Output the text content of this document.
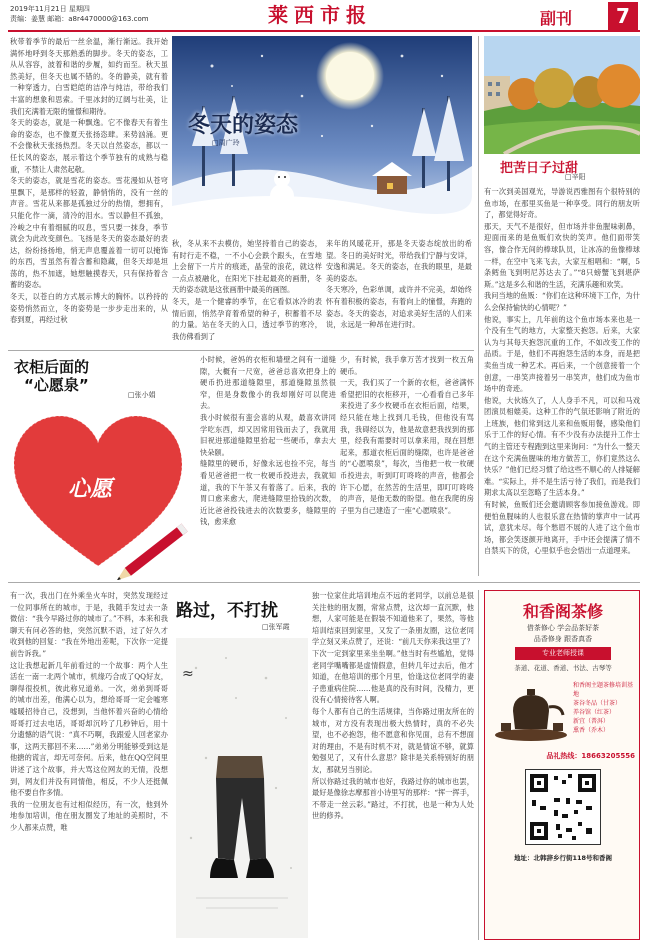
2019年11月21日 星期四
责编：姜慧 邮箱：a8r4470000@163.com	莱西市报	副刊	7
秋带着季节的最后一丝余温，渐行渐远。我开始满怀地呼到冬天那熟悉的脚步。冬天的姿态，工从从容容，波着和谐的步履，如约而至。秋天虽然美好，但冬天也属不错的。冬的静美，就有着一种穿透力，白雪皑皑的洁净与纯洁，带给我们丰富的想象和思索。千里冰封的辽阔与壮美，让我们充满着无限的憧憬和期待。
冬天的姿态，就是一种飘逸。它不像春天有着生命的姿态，也不像夏天张扬恣肆。来势汹涌。更不会像秋天张扬热烈。冬天以自然姿态，都以一任长风的姿态，展示着这个季节独有的成熟与稳重，不禁让人肃然起敬。
冬天的姿态，就是雪花的姿态。雪花漫如从苍穹里飘下，是那样的轻盈，静悄悄的，没有一丝的声音。雪花从来都是孤独过分的热情，想拥有，只能化作一滴，清冷的泪水。雪以静但不孤独，冷峻之中有着细腻的叹息，雪只要一抹身，季节就会为此改变颜色。飞扬是冬天的姿态最好的表达，纷纷扬扬地，悄无声息覆盖着一切可以掩饰的东西，雪虽然有着含蓄和隐藏，但冬天却是坦荡的，热不加遮，她想触摸春天，只有保持着含蓄的姿态。
冬天，以苍白的方式展示博大的胸怀。以矜持的姿势悄然而立，冬的姿势是一步步走出来的，从春到夏，再经过秋
冬天的姿态
□周广玲
秋，冬从来不去模仿，她坚持着自己的姿态，有时行走不稳，一不小心会跌个跟头，在雪地上会留下一片片的痕迹，晶莹的浪花，就这样一点点被融化，在阳光下挂起最亮的画册，冬天的姿态就是这张画册中最美的画图。
冬天，是一个健睿的季节，在它看似冰冷的表情后面，悄然孕育着希望的种子，积蓄着不尽的力量。站在冬天的入口，透过季节的寒冷，我仿佛看到了
来年的风暖花开，那是冬天姿态绽放出的希望。冬日的美好时光，带给我们宁静与安详，安逸和满足。冬天的姿态，在我的眼里，是最美的姿态。
冬天寒冷，色彩单调，或许并不完美，却始终怀有着积极的姿态，有着向上的憧憬，奔跑的姿态。冬天的姿态，对追求美好生活的人们来说，永远是一种昂在进行时。
把苦日子过甜
□辛阳
有一次到美国观光，导游说西雅图有个很特别的鱼市场，在那里买鱼是一种享受。同行的朋友听了，都觉得好奇。
那天，天气不是很好，但市场并非鱼腥味刺鼻，迎面而来的是鱼贩们欢快的笑声。他们面带笑容，像合作无间的棒球队员，让冰冻的鱼像棒球一样，在空中飞来飞去，大家互相唱和：“啊，5条鳕鱼飞到明尼苏达去了。”“8只螃蟹飞到堪萨斯。”这是多么和谐的生活，充满乐趣和欢笑。
我问当地的鱼贩：“你们在这种环境下工作，为什么会保持愉快的心情呢？”
他说，事实上，几年前的这个鱼市场本来也是一个没有生气的地方，大家整天抱怨。后来，大家认为与其每天抱怨沉重的工作，不如改变工作的品质。于是，他们不再抱怨生活的本身，而是把卖鱼当成一种艺术。再后来，一个创意接着一个创意，一串笑声接着另一串笑声，他们成为鱼市场中的奇迹。
他说，大伙练久了，人人身手不凡，可以和马戏团演员相媲美。这种工作的气氛还影响了附近的上班族，他们常到这儿来和鱼贩用餐，感染他们乐于工作的好心情。有不少没有办法提升工作士气的主管还专程跑到这里来询问：“为什么一整天在这个充满鱼腥味的地方做苦工，你们竟然这么快乐？”他们已经习惯了给这些不顺心的人排疑解难。“实际上，并不是生活亏待了我们，而是我们期求太高以至忽略了生活本身。”
有时候，鱼贩们还会邀请顾客参加接鱼游戏。即便怕鱼腥味的人也很乐意在热情的掌声中一试再试，意犹未尽。每个愁眉不展的人进了这个鱼市场，都会笑逐颜开地离开，手中还会提满了情不自禁买下的货，心里似乎也会悟出一点道理来。
衣柜后面的
“心愿泉”
□张小娟
心愿
小时候，爸妈的衣柜和墙壁之间有一道缝隙，大概有一尺宽，爸爸总喜欢把身上的硬币扔进那道缝隙里，那道缝隙虽然很窄，但是身数像小的我却刚好可以爬进去。
我小时候很有蛮会喜的从观，最喜欢讲同学吃东西，却又因常用钱而去了，我就用旧祝进那道缝隙里拾起一些硬币，拿去大快朵颐。
缝隙里的硬币，好像永远也捡不完，每当看见爸爸把一枚一枚硬币投进去，我就知道，我的下午茶又有着落了。后来，我的胃口愈来愈大，爬进缝隙里拾钱的次数，近比爸爸投钱进去的次数要多，缝隙里的钱，愈来愈
少，有时候，我手拿万苦才找到一枚五角硬币。
一天，我们买了一个新的衣柜，爸爸满怀希望把旧的衣柜移开，一心看看自己多年来投进了多少枚硬币在衣柜后面，结果，经只能在地上找到几毛钱，但他没有骂我，我碍经以为，他是故意把我找到的那里，经我有需要时可以拿来用，现在回想起来，那道衣柜后面的缝隙，也许是爸爸的“心愿喷泉”，每次，当他把一枚一枚硬币投进去，听到叮叮咚咚的声音，他都会许下心愿，在然苦的生活里，即叮叮咚咚的声音，是他无数的盼望。他在我爬的房子里为自己建造了一座“心愿喷泉”。
有一次，我出门在外乘坐火车时，突然发现经过一位同事所在的城市，于是，我随手发过去一条微信：“我今早路过你的城市了。”不料，本来和我聊天有问必答的他，突然沉默不语，过了好久才收到他的回复：“我在外地出差呢，下次你一定提前告诉我。”
这让我想起新几年前看过的一个故事：两个人生活在一南一北两个城市，机缘巧合成了QQ好友，聊得很投机，彼此称兄道弟。一次，弟弟到哥哥的城市出差，他满心以为，想给哥哥一定会嘘寒嘘暖招待自己，没想到，当他怀着兴奋的心情给哥哥打过去电话，哥哥却沉吟了几秒钟后，用十分遗憾的语气说：“真不巧啊，我跟爱人回老家办事，这两天都回不来……”弟弟分明能够受到这是他搪的谎言，却无可奈何。后来，他在QQ空间里讲述了这个故事，并大骂这位网友的无情，没想到，网友们并没有同情他，相反，不少人还挺佩他不要自作多情。
我的一位朋友也有过相似经历，有一次，他到外地参加培训，他在朋友圈发了地址的美照时，不少人都来点赞，唯
路过，不打扰
□张军霞
≈
独一位家住此培训地点不远的老同学，以前总是很关注他的朋友圈，常常点赞，这次却一直沉默，他想，人家可能是在假装不知道他来了，果然，等他培训结束回到家里，又发了一条朋友圈，这位老同学立刻又来点赞了，还说：“前几天你来我这里了？下次一定到家里来坐坐啊。”他当时有些尴尬，觉得老同学嘴嘴都是虚情假意，但转几年过去后，他才知道，在他培训的那个月里，恰逢这位老同学的妻子患重病住院……他是真的没有时间，没精力，更没有心情接待客人啊。
每个人都有自己的生活规律，当你路过朋友所在的城市，对方没有表现出极大热情时，真的不必失望，也不必抱怨，他不愿意和你见面，总有不想面对的理由，不是有时机不对，就是情谊不够，就算勉强见了，又有什么意思？除非是关系特别好的朋友，那就另当别论。
所以你路过我的城市也好，我路过你的城市也罢，最好是像徐志摩那首小诗里写的那样：“挥一挥手，不带走一丝云彩。”路过，不打扰，也是一种为人处世的修养。
和香阁茶修
借茶修心 学会品茶好茶
品香修身 跟香真香
专业老师授课
茶道、花道、香道、书法、古琴等
和香阁主题茶修培训基地
茶谷冬品（甘茶）
养谷馆（红茶）
新宜（普洱）
熏香（乔木）
品礼热线：18663205556
地址：北韩辞乡行街118号和香阁
